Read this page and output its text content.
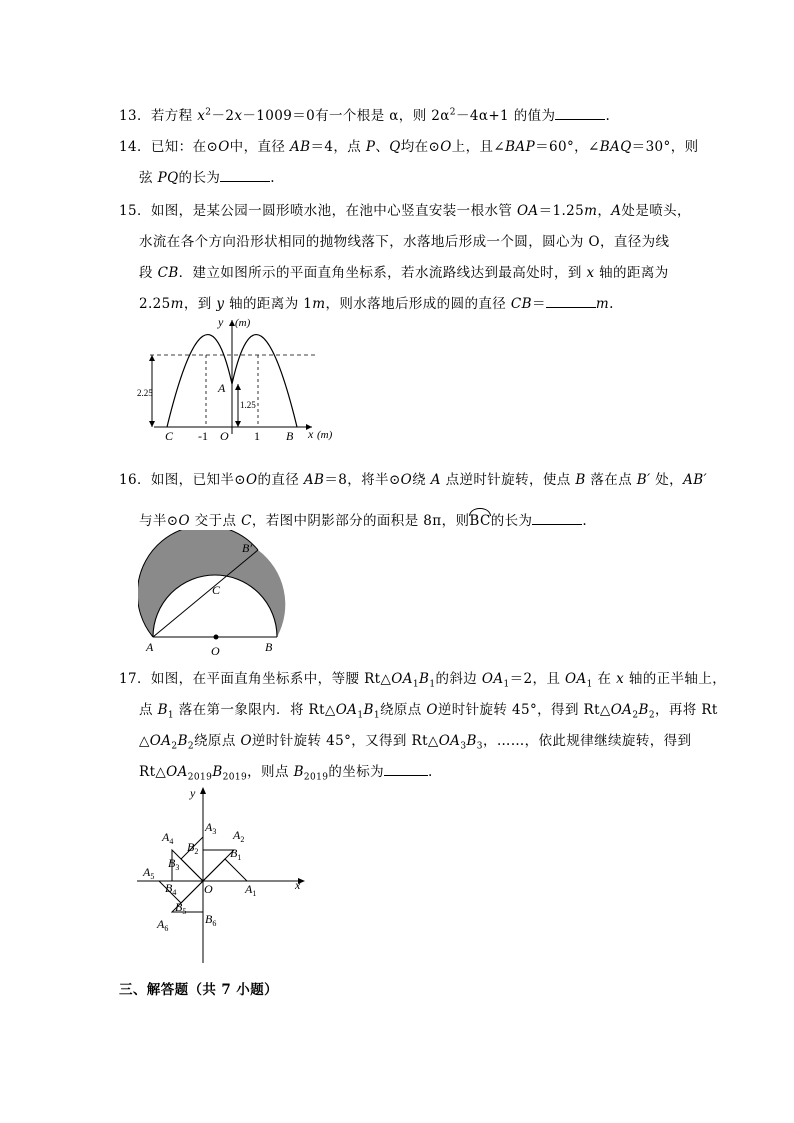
13．若方程 $x^2-2x-1009=0$有一个根是 α，则 $2\alpha^2-4\alpha+1$ 的值为	.
14．已知：在⊙O中，直径 AB＝4，点 P、Q均在⊙O上，且∠BAP＝60°，∠BAQ＝30°，则
弦 PQ的长为	.
15．如图，是某公园一圆形喷水池，在池中心竖直安装一根水管 OA＝1.25m，A处是喷头，
水流在各个方向沿形状相同的抛物线落下，水落地后形成一个圆，圆心为 O，直径为线
段 CB．建立如图所示的平面直角坐标系，若水流路线达到最高处时，到 x 轴的距离为
2.25m，到 y 轴的距离为 1m，则水落地后形成的圆的直径 CB＝	m.
y (m)
x (m)
2.25
1.25
A
C -1 O 1 B
16．如图，已知半⊙O的直径 AB＝8，将半⊙O绕 A 点逆时针旋转，使点 B 落在点 B′ 处，AB′
与半⊙O 交于点 C，若图中阴影部分的面积是 8π，则
BC的长为	.
A	B
B′
C
O
17．如图，在平面直角坐标系中，等腰 $Rt\triangle OA_1B_1$的斜边 $OA_1=2$，且 $OA_1$ 在 x 轴的正半轴上，
点 $B_1$ 落在第一象限内．将 $Rt\triangle OA_1B_1$绕原点 O逆时针旋转 45°，得到 $Rt\triangle OA_2B_2$，再将 Rt
$\triangle OA_2B_2$绕原点 O逆时针旋转 45°，又得到 $Rt\triangle OA_3B_3$，……，依此规律继续旋转，得到
$Rt\triangle OA_{2019}B_{2019}$，则点 $B_{2019}$的坐标为	.
y
x
O	$A_1$
$B_1$
$A_2$
$B_2$
$A_3$
$B_3$
$A_4$
$B_4$
$A_5$
$B_5$
$A_6$
$B_6$
三、解答题（共 7 小题）
